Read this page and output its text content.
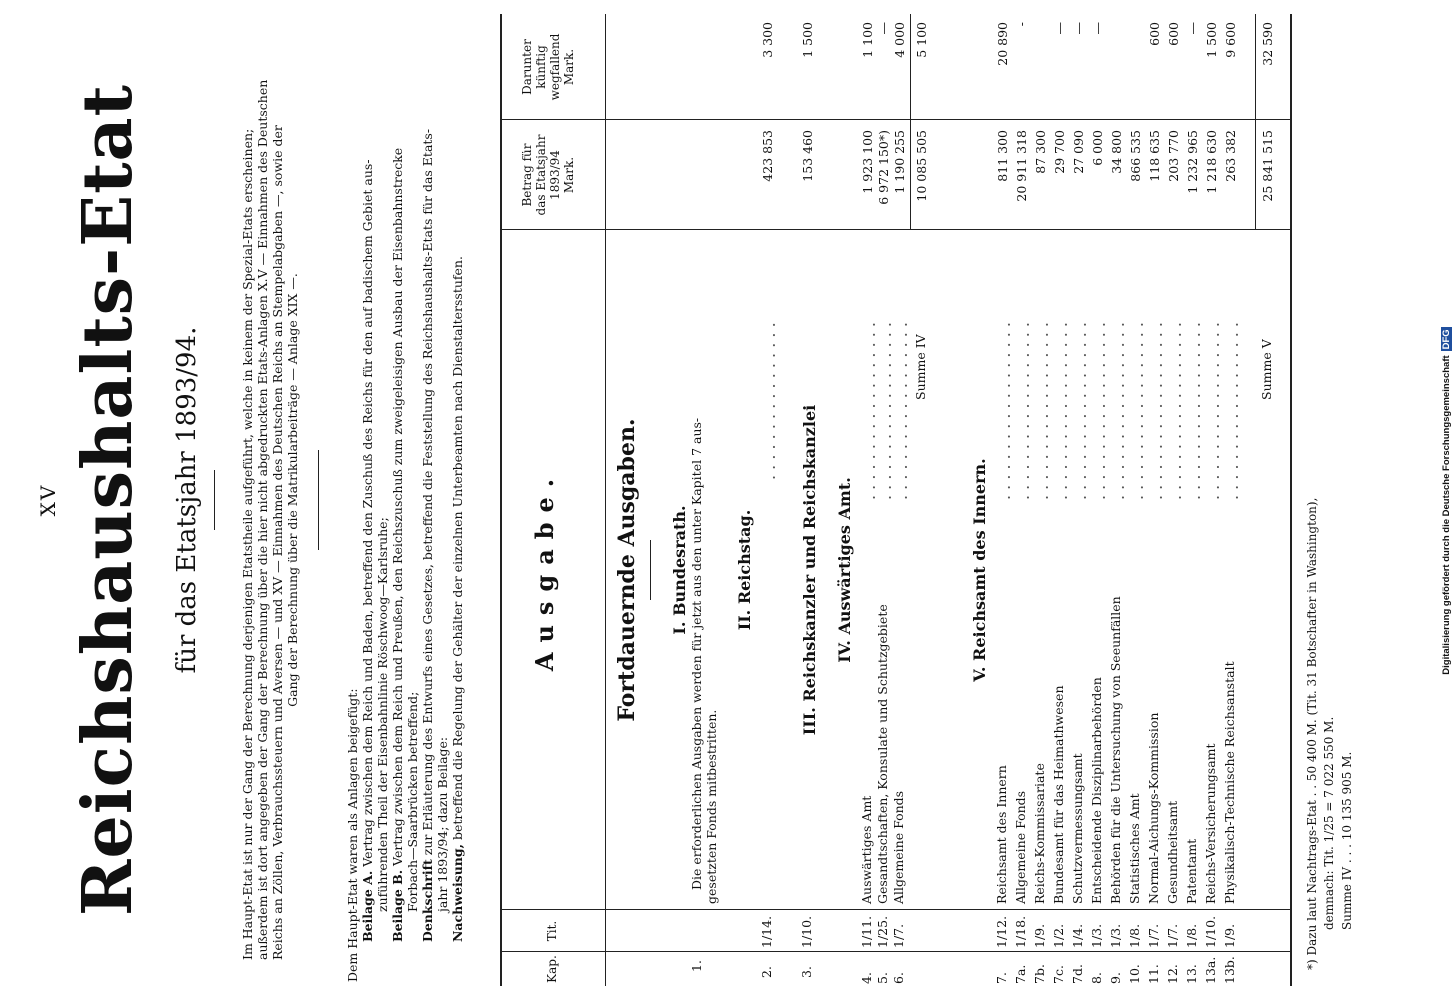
XV Reichshaushalts-Etat für das Etatsjahr 1893/94.	Im Haupt-Etat ist nur der Gang der Berechnung derjenigen Etatstheile aufgeführt, welche in keinem der Spezial-Etats erscheinen; außerdem ist dort angegeben der Gang der Berechnung über die hier nicht abgedruckten Etats-Anlagen X.V — Einnahmen des Deutschen Reichs an Zöllen, Verbrauchssteuern und Aversen — und XV — Einnahmen des Deutschen Reichs an Stempelabgaben —, sowie der Gang der Berechnung über die Matrikularbeiträge — Anlage XIX —.

Dem Haupt-Etat waren als Anlagen beigefügt: Beilage A. Vertrag zwischen dem Reich und Baden, betreffend den Zuschuß des Reichs für den auf badischem Gebiet aus- zuführenden Theil der Eisenbahnlinie Röschwoog—Karlsruhe; Beilage B. Vertrag zwischen dem Reich und Preußen, den Reichszuschuß zum zweigeleisigen Ausbau der Eisenbahnstrecke Forbach—Saarbrücken betreffend; Denkschrift zur Erläuterung des Entwurfs eines Gesetzes, betreffend die Feststellung des Reichshaushalts-Etats für das Etats- jahr 1893/94; dazu Beilage: Nachweisung, betreffend die Regelung der Gehälter der einzelnen Unterbeamten nach Dienstaltersstufen.

Kap.
Tit.
Ausgabe.
Betrag für das Etatsjahr 1893/94 Mark.
Darunter künftig wegfallend Mark.
Fortdauernde Ausgaben. I. Bundesrath.
1.
Die erforderlichen Ausgaben werden für jetzt aus den unter Kapitel 7 aus- gesetzten Fonds mitbestritten.
II. Reichstag.
2.
1/14.
. . . . . . . . . . . . . . . .
423 853
3 300
III. Reichskanzler und Reichskanzlei
3.
1/10.
153 460
1 500
IV. Auswärtiges Amt.
4.
1/11.
Auswärtiges Amt
. . . . . . . . . . . . . . . . . .
1 923 100
1 100
5.
1/25.
Gesandtschaften, Konsulate und Schutzgebiete
. . . . . . . . . . . . . . . . . .
6 972 150*)
—
6.
1/7.
Allgemeine Fonds
. . . . . . . . . . . . . . . . . .
1 190 255
4 000
Summe IV
10 085 505
5 100
V. Reichsamt des Innern.
7.
1/12.
Reichsamt des Innern
. . . . . . . . . . . . . . . . . .
811 300
20 890
7a.
1/18.
Allgemeine Fonds
. . . . . . . . . . . . . . . . . .
20 911 318
-
7b.
1/9.
Reichs-Kommissariate
. . . . . . . . . . . . . . . . . .
87 300
7c.
1/2.
Bundesamt für das Heimathwesen
. . . . . . . . . . . . . . . . . .
29 700
—
7d.
1/4.
Schutzvermessungsamt
. . . . . . . . . . . . . . . . . .
27 090
—
8.
1/3.
Entscheidende Disziplinarbehörden
. . . . . . . . . . . . . . . . . .
6 000
—
9.
1/3.
Behörden für die Untersuchung von Seeunfällen
. . . . . . . . . . . . . . . . . .
34 800
10.
1/8.
Statistisches Amt
. . . . . . . . . . . . . . . . . .
866 535
11.
1/7.
Normal-Aichungs-Kommission
. . . . . . . . . . . . . . . . . .
118 635
600
12.
1/7.
Gesundheitsamt
. . . . . . . . . . . . . . . . . .
203 770
600
13.
1/8.
Patentamt
. . . . . . . . . . . . . . . . . .
1 232 965
—
13a.
1/10.
Reichs-Versicherungsamt
. . . . . . . . . . . . . . . . . .
1 218 630
1 500
13b.
1/9.
Physikalisch-Technische Reichsanstalt
. . . . . . . . . . . . . . . . . .
263 382
9 600
Summe V
25 841 515
32 590
*) Dazu laut Nachtrags-Etat . . 50 400 M. (Tit. 31 Botschafter in Washington), demnach: Tit. 1/25 = 7 022 550 M. Summe IV . . . 10 135 905 M.
Digitalisierung gefördert durch die Deutsche ForschungsgemeinschaftDFG
